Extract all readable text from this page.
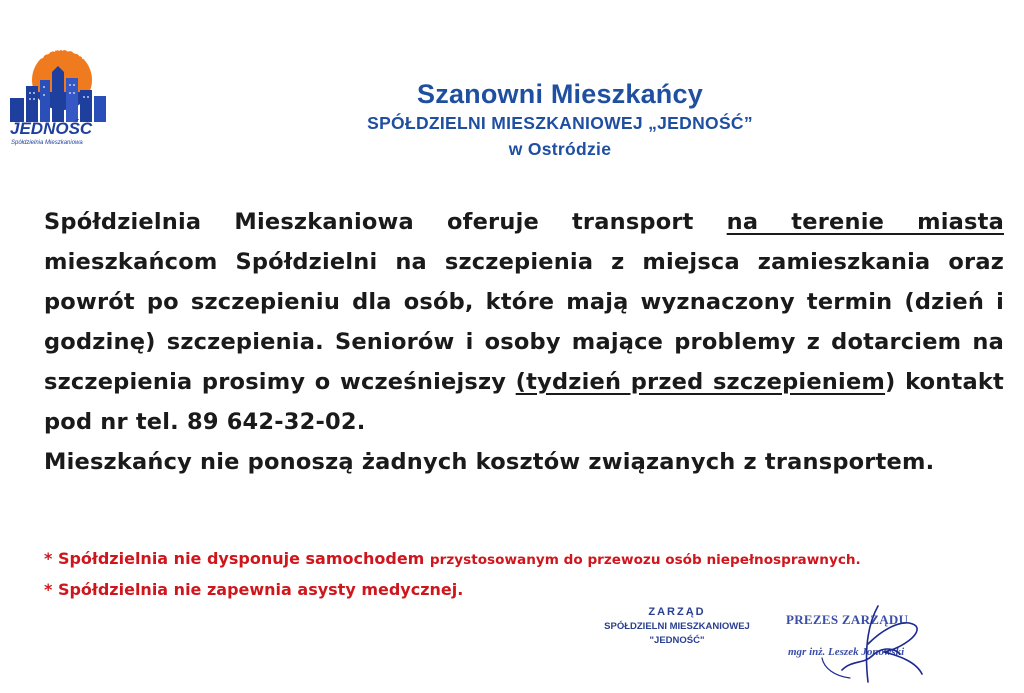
OSTRÓDA
JEDNOŚĆ
Spółdzielnia Mieszkaniowa

Szanowni Mieszkańcy

SPÓŁDZIELNI MIESZKANIOWEJ „JEDNOŚĆ”

w Ostródzie

Spółdzielnia Mieszkaniowa oferuje transport na terenie miasta mieszkańcom Spółdzielni na szczepienia z miejsca zamieszkania oraz powrót po szczepieniu dla osób, które mają wyznaczony termin (dzień i godzinę) szczepienia. Seniorów i osoby mające problemy z dotarciem na szczepienia prosimy o wcześniejszy (tydzień przed szczepieniem) kontakt pod nr tel. 89 642-32-02.

Mieszkańcy nie ponoszą żadnych kosztów związanych z transportem.

* Spółdzielnia nie dysponuje samochodem przystosowanym do przewozu osób niepełnosprawnych.

* Spółdzielnia nie zapewnia asysty medycznej.

ZARZĄD
SPÓŁDZIELNI MIESZKANIOWEJ
"JEDNOŚĆ"
PREZES ZARZĄDU
mgr inż. Leszek Jonowski
